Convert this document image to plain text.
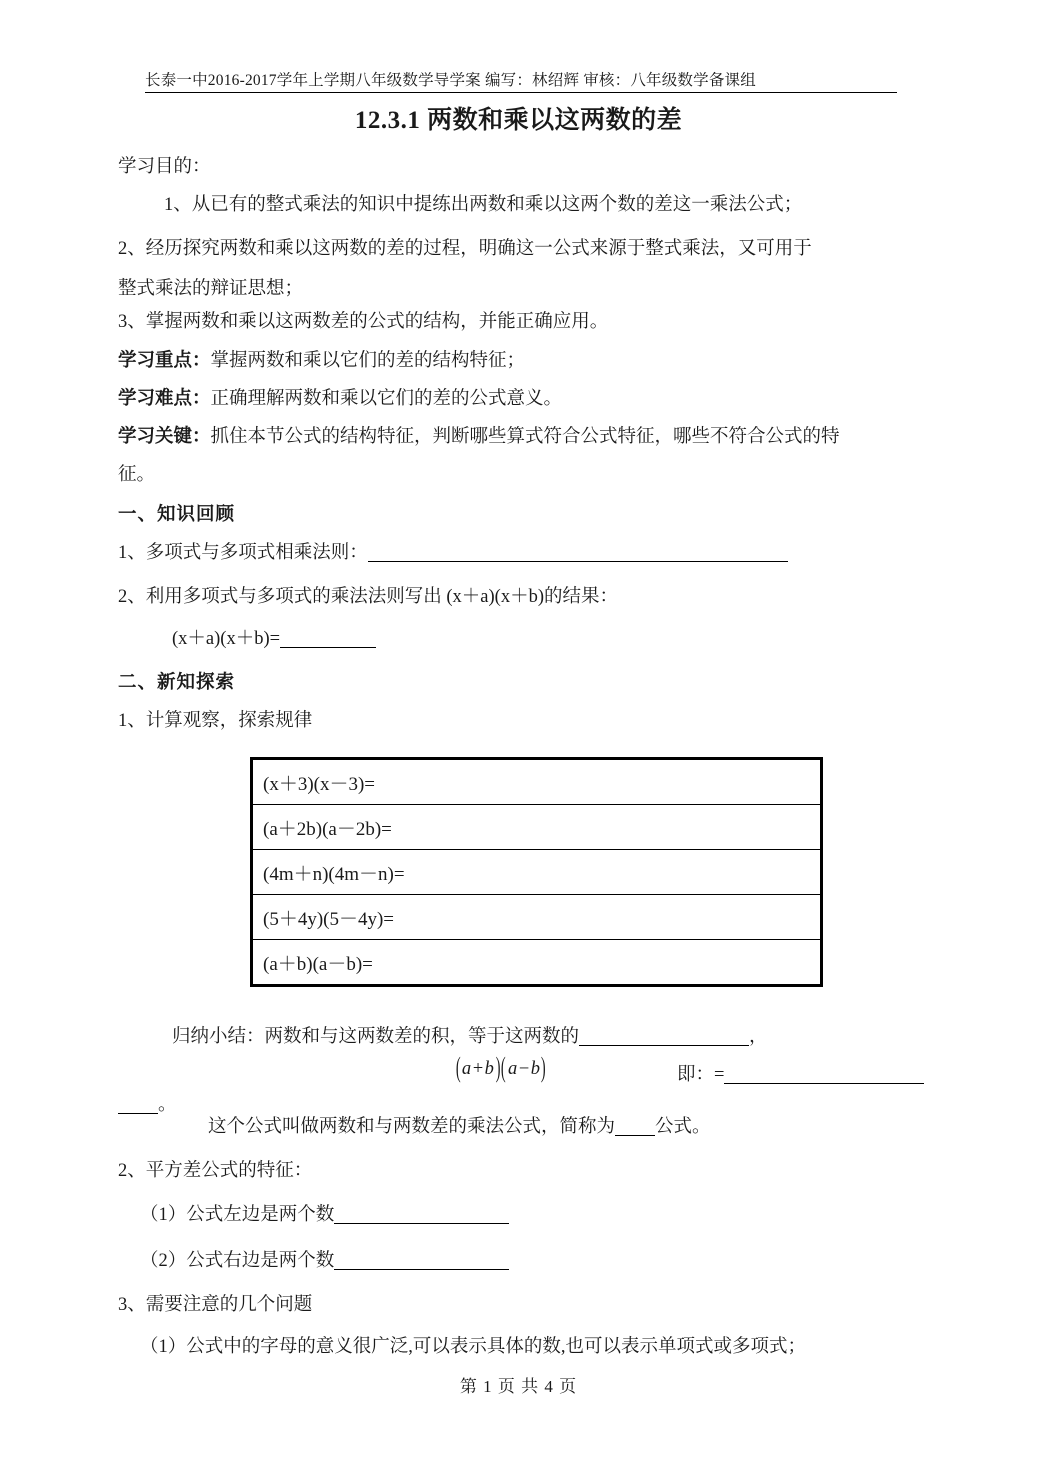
长泰一中2016-2017学年上学期八年级数学导学案 编写：林绍辉 审核：八年级数学备课组
12.3.1 两数和乘以这两数的差
学习目的：
1、从已有的整式乘法的知识中提练出两数和乘以这两个数的差这一乘法公式；
2、经历探究两数和乘以这两数的差的过程，明确这一公式来源于整式乘法，又可用于
整式乘法的辩证思想；
3、掌握两数和乘以这两数差的公式的结构，并能正确应用。
学习重点：掌握两数和乘以它们的差的结构特征；
学习难点：正确理解两数和乘以它们的差的公式意义。
学习关键：抓住本节公式的结构特征，判断哪些算式符合公式特征，哪些不符合公式的特
征。
一、知识回顾
1、多项式与多项式相乘法则：
2、利用多项式与多项式的乘法法则写出 (x＋a)(x＋b)的结果：
(x＋a)(x＋b)=
二、新知探索
1、计算观察，探索规律
(x＋3)(x－3)=
(a＋2b)(a－2b)=
(4m＋n)(4m－n)=
(5＋4y)(5－4y)=
(a＋b)(a－b)=
归纳小结：两数和与这两数差的积，等于这两数的	，
(a+b)(a−b)	即：=
。
这个公式叫做两数和与两数差的乘法公式，简称为 公式。
2、平方差公式的特征：
（1）公式左边是两个数
（2）公式右边是两个数
3、需要注意的几个问题
（1）公式中的字母的意义很广泛,可以表示具体的数,也可以表示单项式或多项式；
第 1 页 共 4 页
